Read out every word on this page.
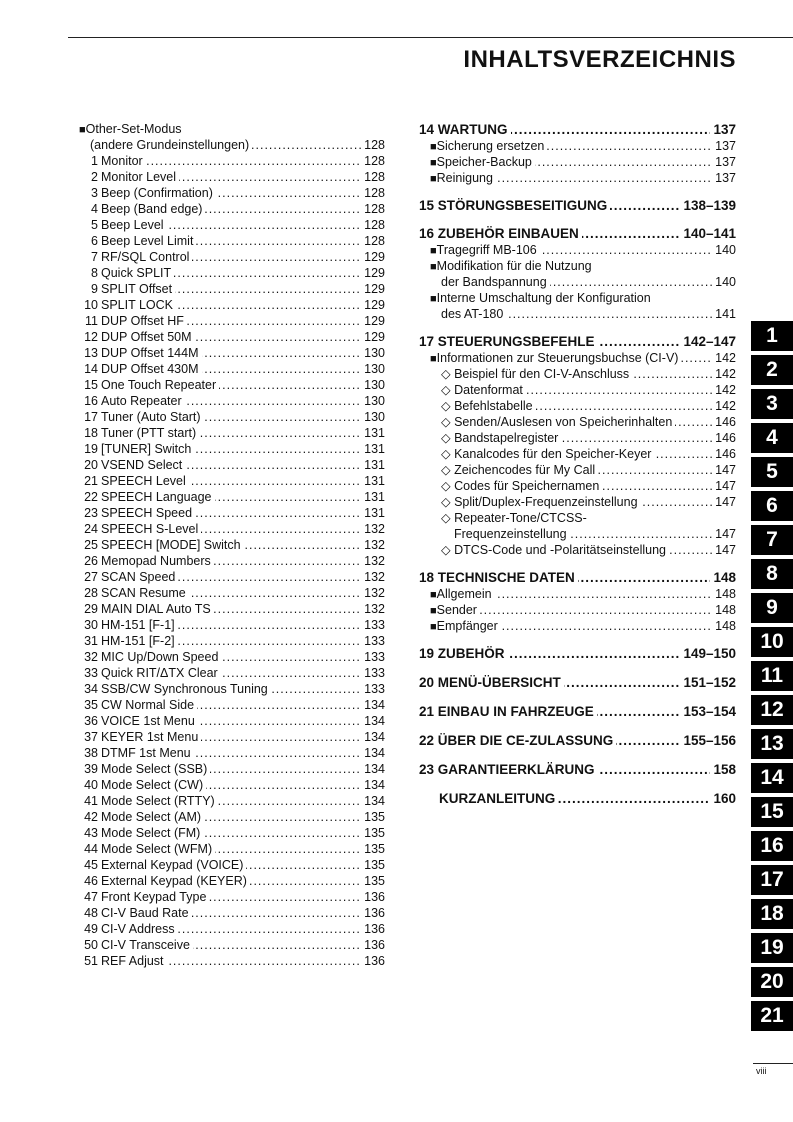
INHALTSVERZEICHNIS
■Other-Set-Modus
(andere Grundeinstellungen)	128
.....
1 Monitor	128
.....
2 Monitor Level	128
.....
3 Beep (Confirmation)	128
.....
4 Beep (Band edge)	128
.....
5 Beep Level	128
.....
6 Beep Level Limit	128
.....
7 RF/SQL Control	129
.....
8 Quick SPLIT	129
.....
9 SPLIT Offset	129
.....
10 SPLIT LOCK	129
.....
11 DUP Offset HF	129
.....
12 DUP Offset 50M	129
.....
13 DUP Offset 144M	130
.....
14 DUP Offset 430M	130
.....
15 One Touch Repeater	130
.....
16 Auto Repeater	130
.....
17 Tuner (Auto Start)	130
.....
18 Tuner (PTT start)	131
.....
19 [TUNER] Switch	131
.....
20 VSEND Select	131
.....
21 SPEECH Level	131
.....
22 SPEECH Language	131
.....
23 SPEECH Speed	131
.....
24 SPEECH S-Level	132
.....
25 SPEECH [MODE] Switch	132
.....
26 Memopad Numbers	132
.....
27 SCAN Speed	132
.....
28 SCAN Resume	132
.....
29 MAIN DIAL Auto TS	132
.....
30 HM-151 [F-1]	133
.....
31 HM-151 [F-2]	133
.....
32 MIC Up/Down Speed	133
.....
33 Quick RIT/ΔTX Clear	133
.....
34 SSB/CW Synchronous Tuning	133
.....
35 CW Normal Side	134
.....
36 VOICE 1st Menu	134
.....
37 KEYER 1st Menu	134
.....
38 DTMF 1st Menu	134
.....
39 Mode Select (SSB)	134
.....
40 Mode Select (CW)	134
.....
41 Mode Select (RTTY)	134
.....
42 Mode Select (AM)	135
.....
43 Mode Select (FM)	135
.....
44 Mode Select (WFM)	135
.....
45 External Keypad (VOICE)	135
.....
46 External Keypad (KEYER)	135
.....
47 Front Keypad Type	136
.....
48 CI-V Baud Rate	136
.....
49 CI-V Address	136
.....
50 CI-V Transceive	136
.....
51 REF Adjust	136
.....
14 WARTUNG	137
.....
■Sicherung ersetzen	137
.....
■Speicher-Backup	137
.....
■Reinigung	137
.....
15 STÖRUNGSBESEITIGUNG	138–139
.....
16 ZUBEHÖR EINBAUEN	140–141
.....
■Tragegriff MB-106	140
.....
■Modifikation für die Nutzung
der Bandspannung	140
.....
■Interne Umschaltung der Konfiguration
des AT-180	141
.....
17 STEUERUNGSBEFEHLE	142–147
.....
■Informationen zur Steuerungsbuchse (CI-V)	142
.....
◇ Beispiel für den CI-V-Anschluss	142
.....
◇ Datenformat	142
.....
◇ Befehlstabelle	142
.....
◇ Senden/Auslesen von Speicherinhalten	146
.....
◇ Bandstapelregister	146
.....
◇ Kanalcodes für den Speicher-Keyer	146
.....
◇ Zeichencodes für My Call	147
.....
◇ Codes für Speichernamen	147
.....
◇ Split/Duplex-Frequenzeinstellung	147
.....
◇ Repeater-Tone/CTCSS-
Frequenzeinstellung	147
.....
◇ DTCS-Code und -Polaritätseinstellung	147
.....
18 TECHNISCHE DATEN	148
.....
■Allgemein	148
.....
■Sender	148
.....
■Empfänger	148
.....
19 ZUBEHÖR	149–150
.....
20 MENÜ-ÜBERSICHT	151–152
.....
21 EINBAU IN FAHRZEUGE	153–154
.....
22 ÜBER DIE CE-ZULASSUNG	155–156
.....
23 GARANTIEERKLÄRUNG	158
.....
KURZANLEITUNG	160
.....
1
2
3
4
5
6
7
8
9
10
11
12
13
14
15
16
17
18
19
20
21
viii
